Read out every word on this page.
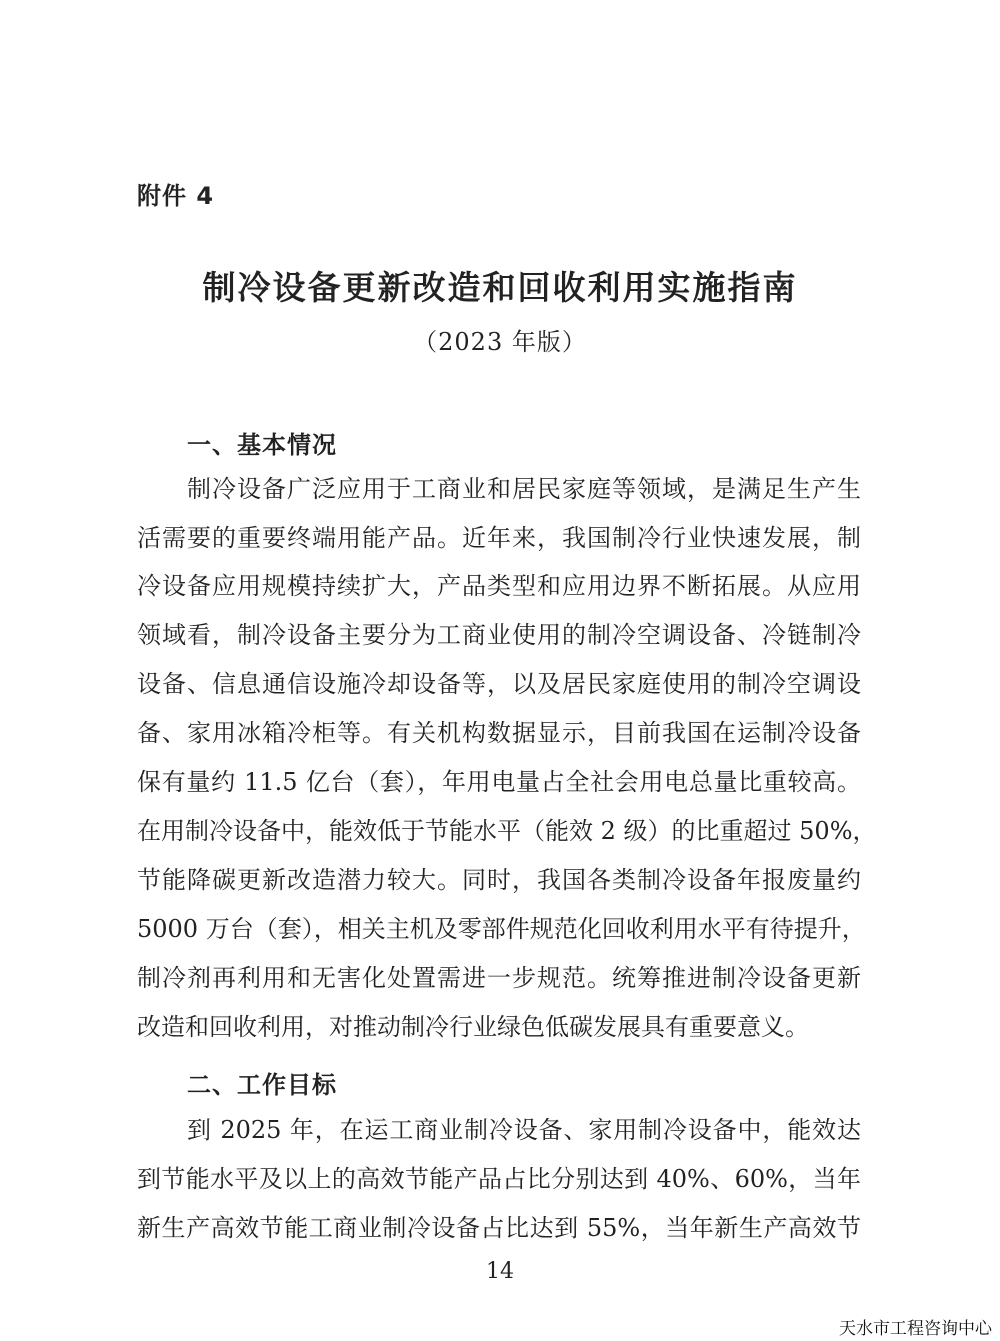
附件 4
制冷设备更新改造和回收利用实施指南
（2023 年版）
一、基本情况
制冷设备广泛应用于工商业和居民家庭等领域，是满足生产生
活需要的重要终端用能产品。近年来，我国制冷行业快速发展，制
冷设备应用规模持续扩大，产品类型和应用边界不断拓展。从应用
领域看，制冷设备主要分为工商业使用的制冷空调设备、冷链制冷
设备、信息通信设施冷却设备等，以及居民家庭使用的制冷空调设
备、家用冰箱冷柜等。有关机构数据显示，目前我国在运制冷设备
保有量约 11.5 亿台（套），年用电量占全社会用电总量比重较高。
在用制冷设备中，能效低于节能水平（能效 2 级）的比重超过 50%，
节能降碳更新改造潜力较大。同时，我国各类制冷设备年报废量约
5000 万台（套），相关主机及零部件规范化回收利用水平有待提升，
制冷剂再利用和无害化处置需进一步规范。统筹推进制冷设备更新
改造和回收利用，对推动制冷行业绿色低碳发展具有重要意义。
二、工作目标
到 2025 年，在运工商业制冷设备、家用制冷设备中，能效达
到节能水平及以上的高效节能产品占比分别达到 40%、60%，当年
新生产高效节能工商业制冷设备占比达到 55%，当年新生产高效节
14
天水市工程咨询中心
